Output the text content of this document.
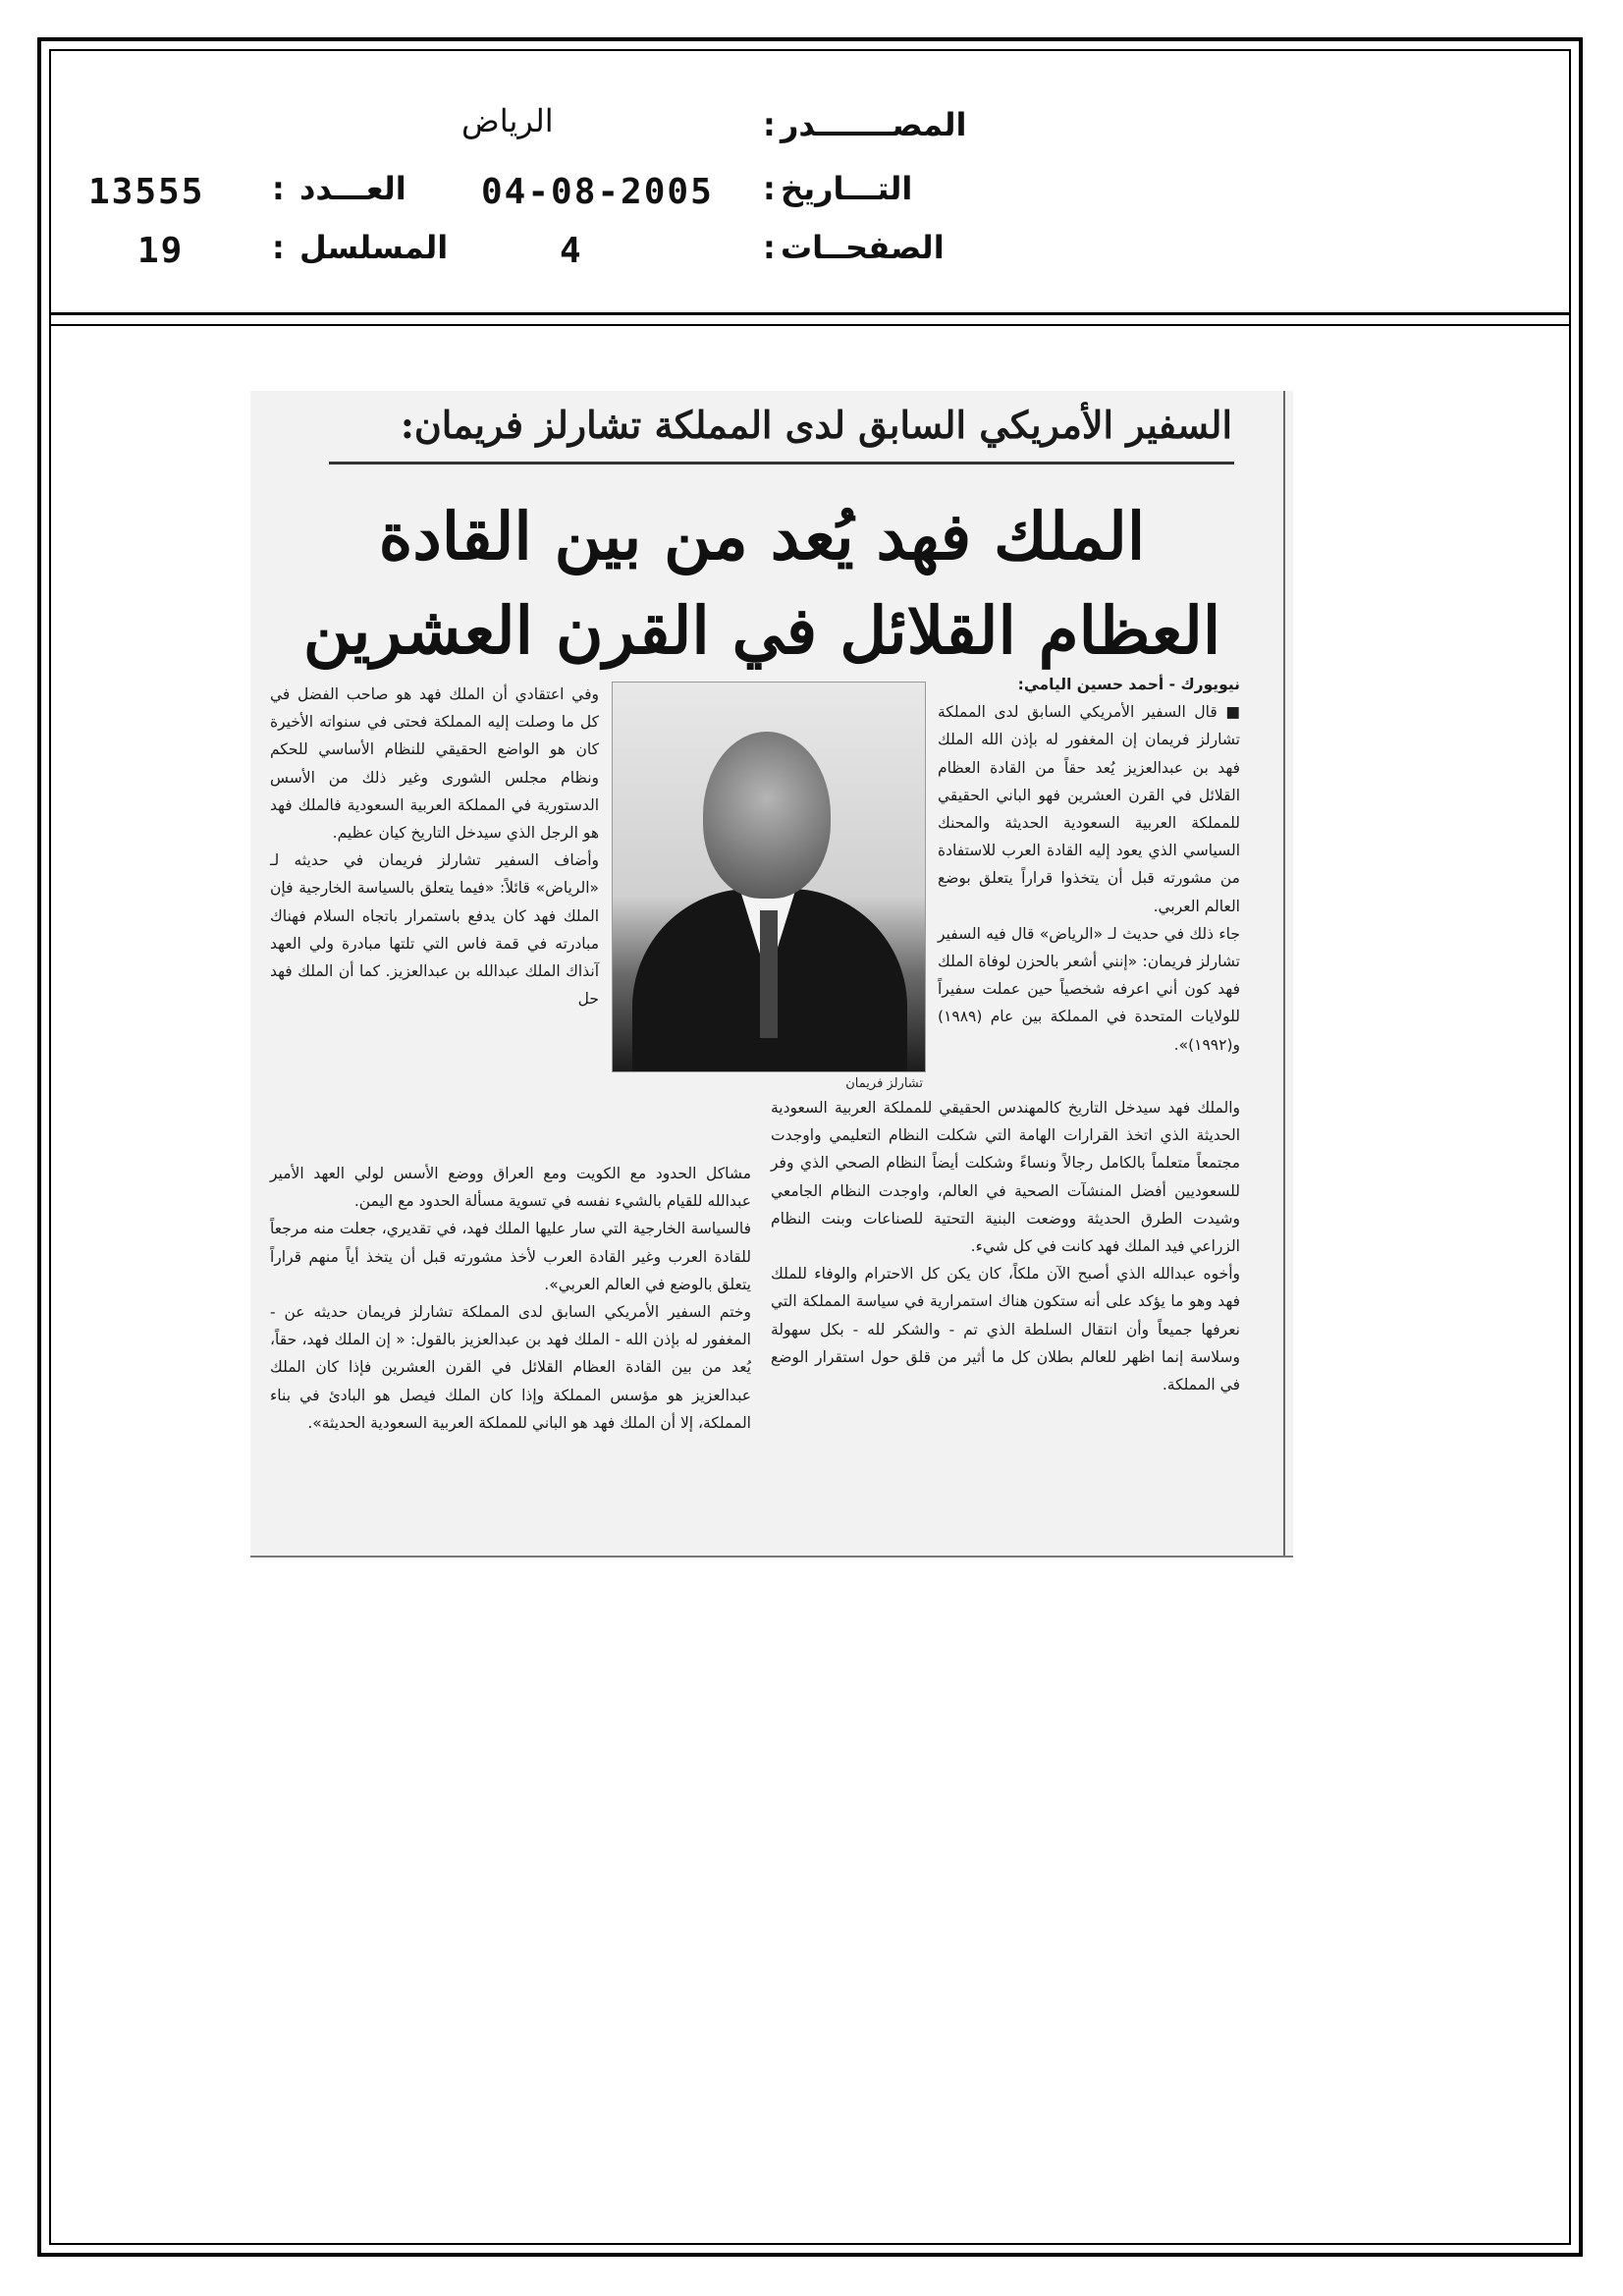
المصـــــــدر
:
الرياض
التـــاريخ
:
04-08-2005
الصفحــات
:
4
العـــدد
:
13555
المسلسل
:
19
السفير الأمريكي السابق لدى المملكة تشارلز فريمان:
الملك فهد يُعد من بين القادة العظام القلائل في القرن العشرين

نيويورك - أحمد حسين اليامي:

■ قال السفير الأمريكي السابق لدى المملكة تشارلز فريمان إن المغفور له بإذن الله الملك فهد بن عبدالعزيز يُعد حقاً من القادة العظام القلائل في القرن العشرين فهو الباني الحقيقي للمملكة العربية السعودية الحديثة والمحنك السياسي الذي يعود إليه القادة العرب للاستفادة من مشورته قبل أن يتخذوا قراراً يتعلق بوضع العالم العربي.

جاء ذلك في حديث لـ «الرياض» قال فيه السفير تشارلز فريمان: «إنني أشعر بالحزن لوفاة الملك فهد كون أني اعرفه شخصياً حين عملت سفيراً للولايات المتحدة في المملكة بين عام (١٩٨٩) و(١٩٩٢)».

تشارلز فريمان

وفي اعتقادي أن الملك فهد هو صاحب الفضل في كل ما وصلت إليه المملكة فحتى في سنواته الأخيرة كان هو الواضع الحقيقي للنظام الأساسي للحكم ونظام مجلس الشورى وغير ذلك من الأسس الدستورية في المملكة العربية السعودية فالملك فهد هو الرجل الذي سيدخل التاريخ كيان عظيم.

وأضاف السفير تشارلز فريمان في حديثه لـ «الرياض» قائلاً: «فيما يتعلق بالسياسة الخارجية فإن الملك فهد كان يدفع باستمرار باتجاه السلام فهناك مبادرته في قمة فاس التي تلتها مبادرة ولي العهد آنذاك الملك عبدالله بن عبدالعزيز. كما أن الملك فهد حل

والملك فهد سيدخل التاريخ كالمهندس الحقيقي للمملكة العربية السعودية الحديثة الذي اتخذ القرارات الهامة التي شكلت النظام التعليمي واوجدت مجتمعاً متعلماً بالكامل رجالاً ونساءً وشكلت أيضاً النظام الصحي الذي وفر للسعوديين أفضل المنشآت الصحية في العالم، واوجدت النظام الجامعي وشيدت الطرق الحديثة ووضعت البنية التحتية للصناعات وبنت النظام الزراعي فيد الملك فهد كانت في كل شيء.

وأخوه عبدالله الذي أصبح الآن ملكاً، كان يكن كل الاحترام والوفاء للملك فهد وهو ما يؤكد على أنه ستكون هناك استمرارية في سياسة المملكة التي نعرفها جميعاً وأن انتقال السلطة الذي تم - والشكر لله - بكل سهولة وسلاسة إنما اظهر للعالم بطلان كل ما أثير من قلق حول استقرار الوضع في المملكة.

مشاكل الحدود مع الكويت ومع العراق ووضع الأسس لولي العهد الأمير عبدالله للقيام بالشيء نفسه في تسوية مسألة الحدود مع اليمن.

فالسياسة الخارجية التي سار عليها الملك فهد، في تقديري، جعلت منه مرجعاً للقادة العرب وغير القادة العرب لأخذ مشورته قبل أن يتخذ أياً منهم قراراً يتعلق بالوضع في العالم العربي».

وختم السفير الأمريكي السابق لدى المملكة تشارلز فريمان حديثه عن - المغفور له بإذن الله - الملك فهد بن عبدالعزيز بالقول: « إن الملك فهد، حقاً، يُعد من بين القادة العظام القلائل في القرن العشرين فإذا كان الملك عبدالعزيز هو مؤسس المملكة وإذا كان الملك فيصل هو البادئ في بناء المملكة، إلا أن الملك فهد هو الباني للمملكة العربية السعودية الحديثة».
